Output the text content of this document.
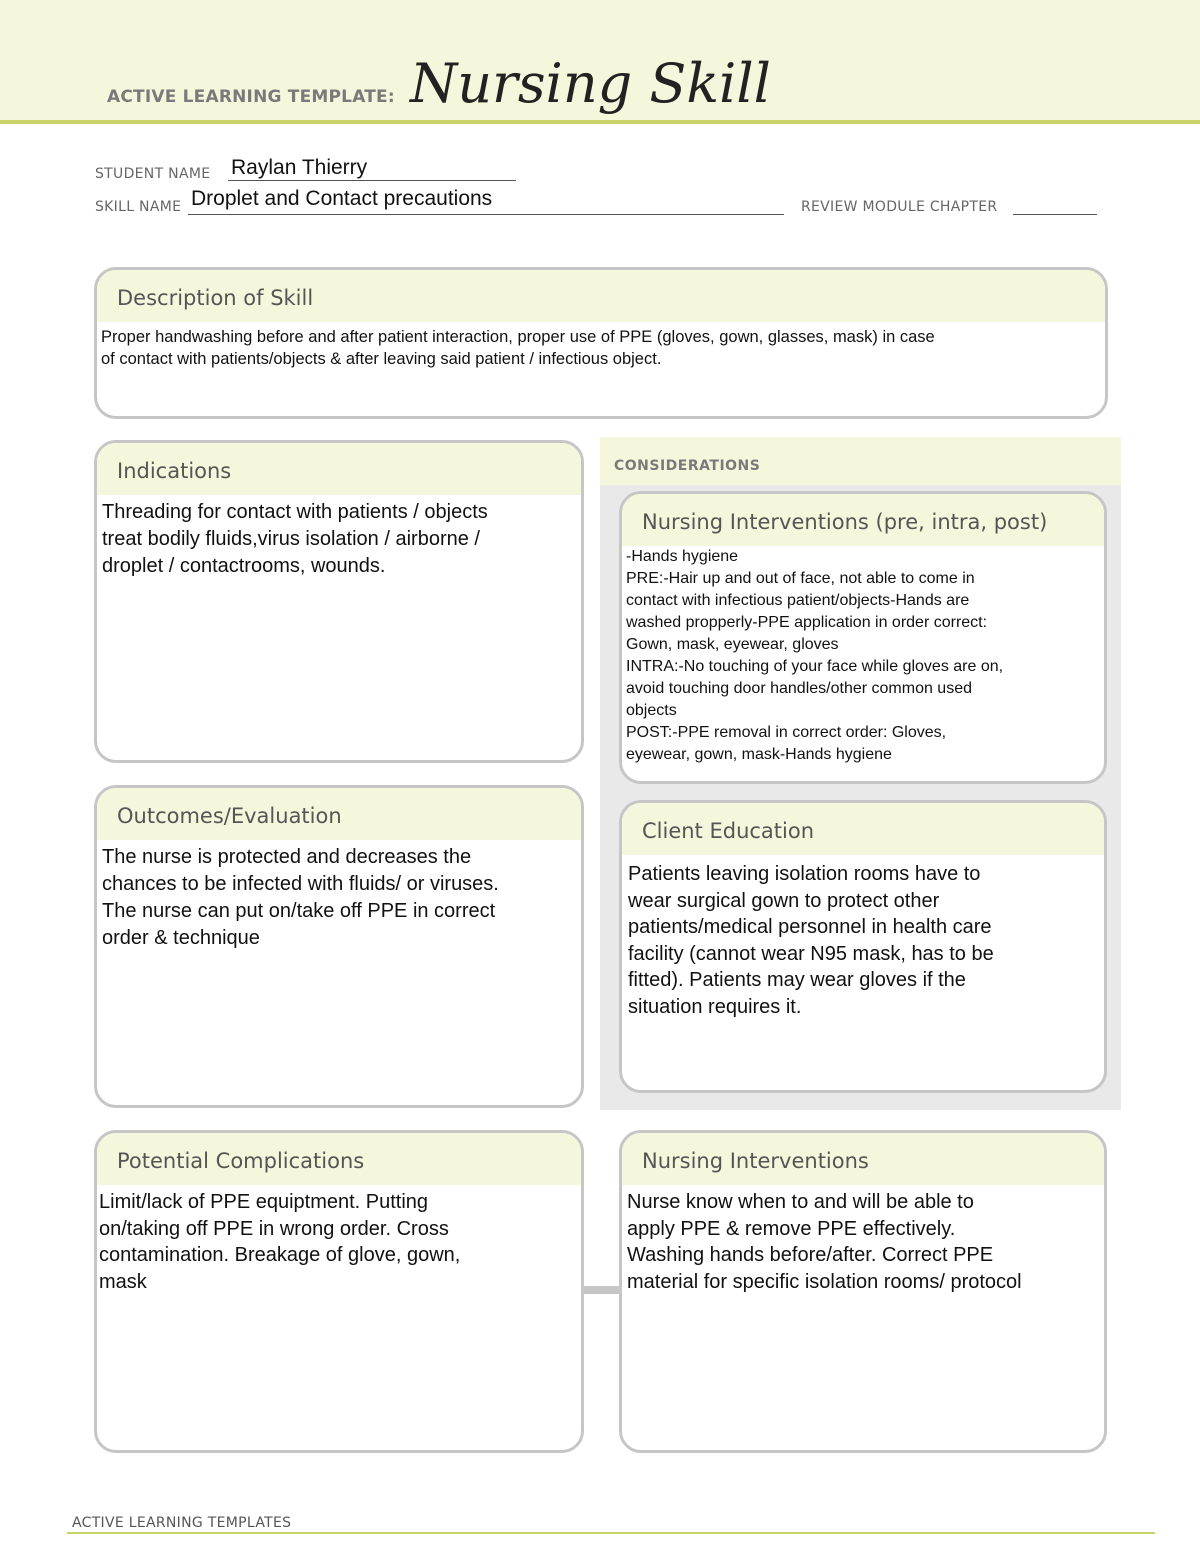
ACTIVE LEARNING TEMPLATE: Nursing Skill
STUDENT NAME Raylan Thierry
SKILL NAME Droplet and Contact precautions	REVIEW MODULE CHAPTER
Description of Skill
Proper handwashing before and after patient interaction, proper use of PPE (gloves, gown, glasses, mask) in case
of contact with patients/objects & after leaving said patient / infectious object.
Indications
Threading for contact with patients / objects
treat bodily fluids,virus isolation / airborne /
droplet / contactrooms, wounds.
CONSIDERATIONS
Nursing Interventions (pre, intra, post)
-Hands hygiene
PRE:-Hair up and out of face, not able to come in
contact with infectious patient/objects-Hands are
washed propperly-PPE application in order correct:
Gown, mask, eyewear, gloves
INTRA:-No touching of your face while gloves are on,
avoid touching door handles/other common used
objects
POST:-PPE removal in correct order: Gloves,
eyewear, gown, mask-Hands hygiene
Outcomes/Evaluation
The nurse is protected and decreases the
chances to be infected with fluids/ or viruses.
The nurse can put on/take off PPE in correct
order & technique
Client Education
Patients leaving isolation rooms have to
wear surgical gown to protect other
patients/medical personnel in health care
facility (cannot wear N95 mask, has to be
fitted). Patients may wear gloves if the
situation requires it.
Potential Complications
Limit/lack of PPE equiptment. Putting
on/taking off PPE in wrong order. Cross
contamination. Breakage of glove, gown,
mask
Nursing Interventions
Nurse know when to and will be able to
apply PPE & remove PPE effectively.
Washing hands before/after. Correct PPE
material for specific isolation rooms/ protocol
ACTIVE LEARNING TEMPLATES
